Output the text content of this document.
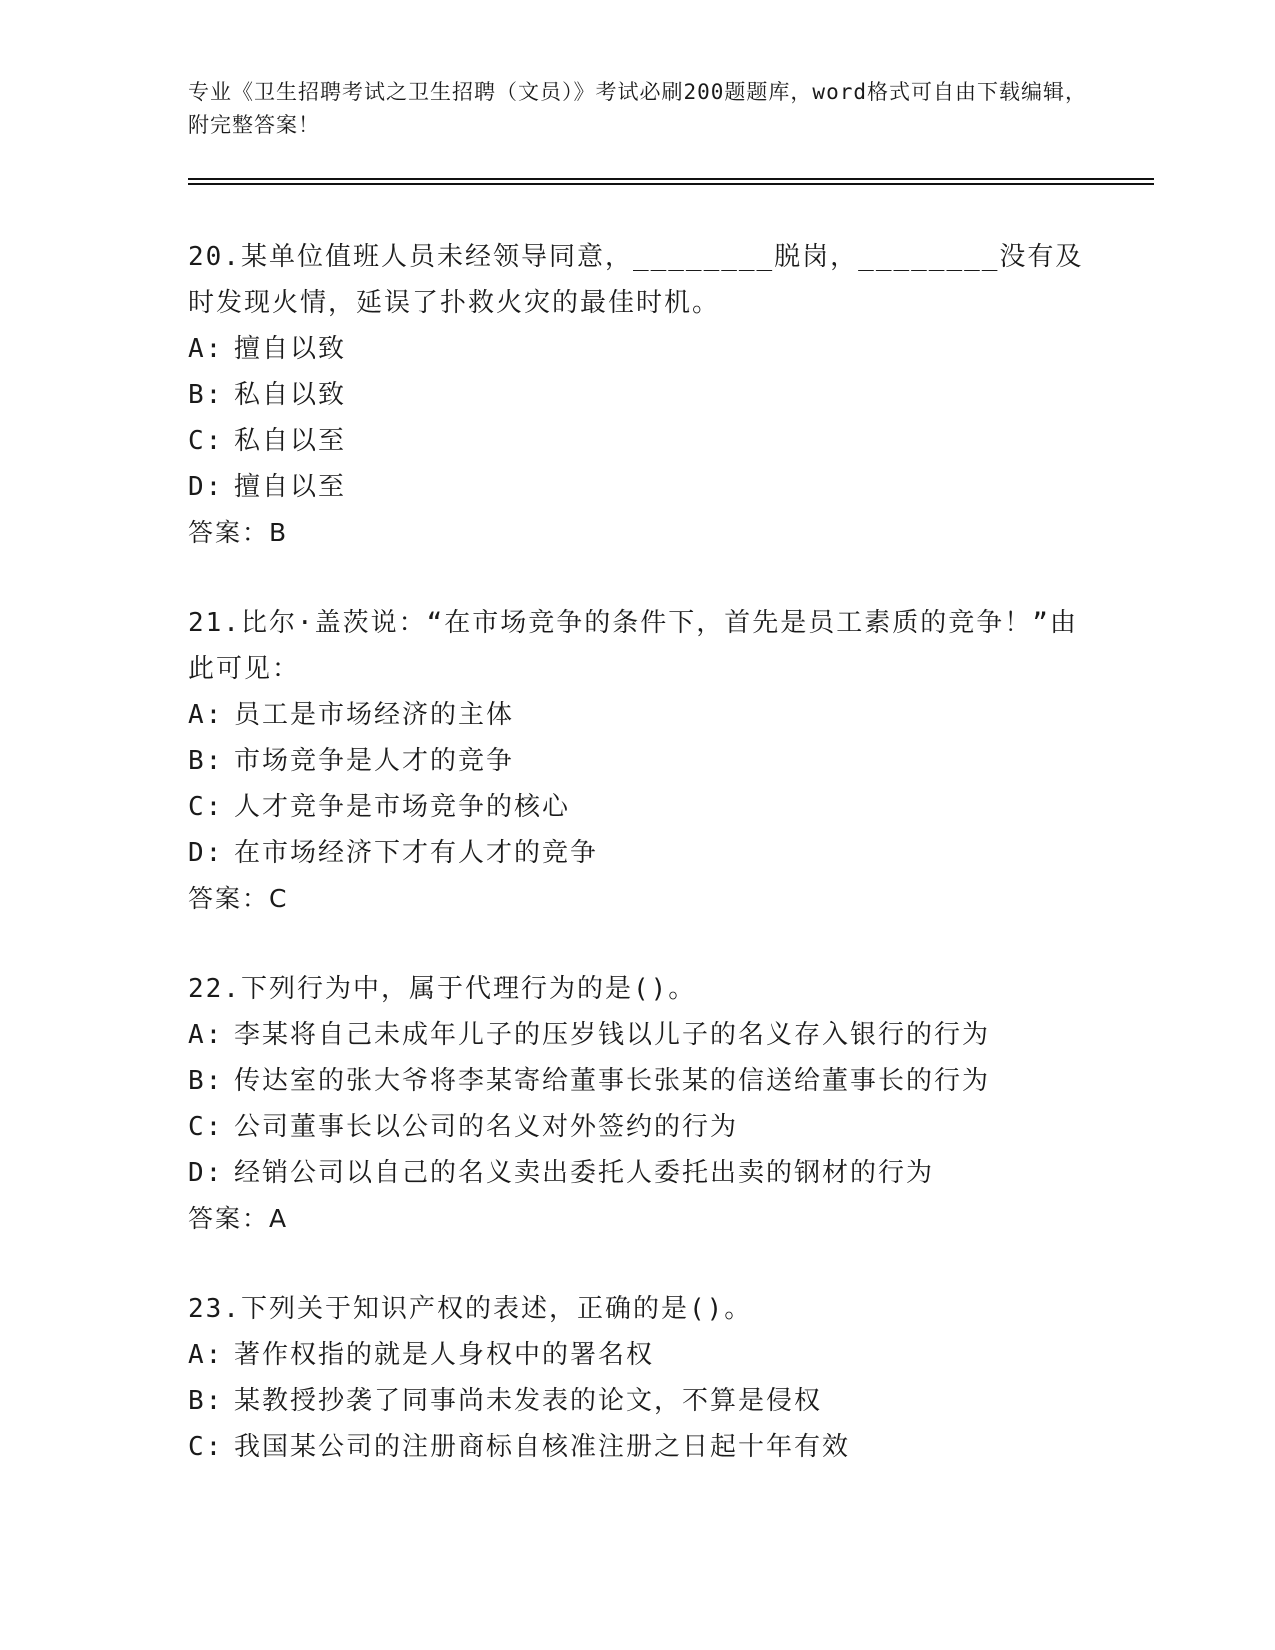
专业《卫生招聘考试之卫生招聘（文员）》考试必刷200题题库，word格式可自由下载编辑，附完整答案！
20.某单位值班人员未经领导同意，________脱岗，________没有及时发现火情，延误了扑救火灾的最佳时机。
A: 擅自以致
B: 私自以致
C: 私自以至
D: 擅自以至
答案：B
21.比尔·盖茨说：“在市场竞争的条件下，首先是员工素质的竞争！”由此可见：
A: 员工是市场经济的主体
B: 市场竞争是人才的竞争
C: 人才竞争是市场竞争的核心
D: 在市场经济下才有人才的竞争
答案：C
22.下列行为中，属于代理行为的是()。
A: 李某将自己未成年儿子的压岁钱以儿子的名义存入银行的行为
B: 传达室的张大爷将李某寄给董事长张某的信送给董事长的行为
C: 公司董事长以公司的名义对外签约的行为
D: 经销公司以自己的名义卖出委托人委托出卖的钢材的行为
答案：A
23.下列关于知识产权的表述，正确的是()。
A: 著作权指的就是人身权中的署名权
B: 某教授抄袭了同事尚未发表的论文，不算是侵权
C: 我国某公司的注册商标自核准注册之日起十年有效
